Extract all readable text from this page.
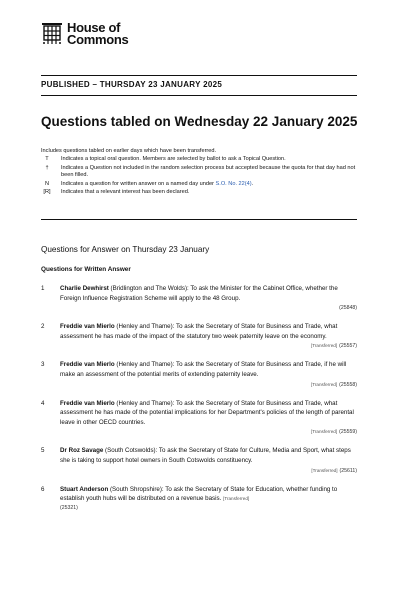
House of
Commons
PUBLISHED – THURSDAY 23 JANUARY 2025
Questions tabled on Wednesday 22 January 2025
Includes questions tabled on earlier days which have been transferred.
T	Indicates a topical oral question. Members are selected by ballot to ask a Topical Question.
†	Indicates a Question not included in the random selection process but accepted because the quota for that day had not been filled.
N	Indicates a question for written answer on a named day under S.O. No. 22(4).
[R]	Indicates that a relevant interest has been declared.
Questions for Answer on Thursday 23 January
Questions for Written Answer
1	Charlie Dewhirst (Bridlington and The Wolds): To ask the Minister for the Cabinet Office, whether the Foreign Influence Registration Scheme will apply to the 48 Group.
(25848)
2	Freddie van Mierlo (Henley and Thame): To ask the Secretary of State for Business and Trade, what assessment he has made of the impact of the statutory two week paternity leave on the economy.
[Transferred] (25557)
3	Freddie van Mierlo (Henley and Thame): To ask the Secretary of State for Business and Trade, if he will make an assessment of the potential merits of extending paternity leave.
[Transferred] (25558)
4	Freddie van Mierlo (Henley and Thame): To ask the Secretary of State for Business and Trade, what assessment he has made of the potential implications for her Department's policies of the length of parental leave in other OECD countries.
[Transferred] (25559)
5	Dr Roz Savage (South Cotswolds): To ask the Secretary of State for Culture, Media and Sport, what steps she is taking to support hotel owners in South Cotswolds constituency.
[Transferred] (25611)
6	Stuart Anderson (South Shropshire): To ask the Secretary of State for Education, whether funding to establish youth hubs will be distributed on a revenue basis. [Transferred]
(25321)
